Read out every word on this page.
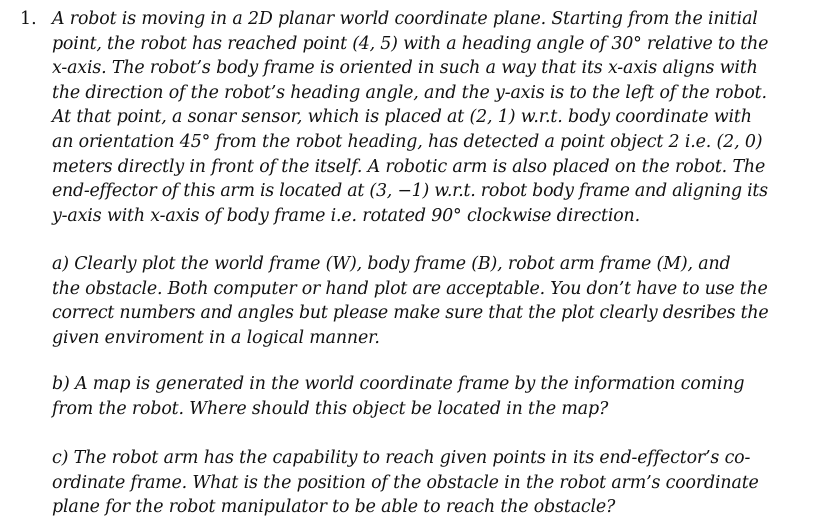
1. A robot is moving in a 2D planar world coordinate plane. Starting from the initial
point, the robot has reached point (4, 5) with a heading angle of 30° relative to the
x-axis. The robot’s body frame is oriented in such a way that its x-axis aligns with
the direction of the robot’s heading angle, and the y-axis is to the left of the robot.
At that point, a sonar sensor, which is placed at (2, 1) w.r.t. body coordinate with
an orientation 45° from the robot heading, has detected a point object 2 i.e. (2, 0)
meters directly in front of the itself. A robotic arm is also placed on the robot. The
end-effector of this arm is located at (3, −1) w.r.t. robot body frame and aligning its
y-axis with x-axis of body frame i.e. rotated 90° clockwise direction.
a) Clearly plot the world frame (W), body frame (B), robot arm frame (M), and
the obstacle. Both computer or hand plot are acceptable. You don’t have to use the
correct numbers and angles but please make sure that the plot clearly desribes the
given enviroment in a logical manner.
b) A map is generated in the world coordinate frame by the information coming
from the robot. Where should this object be located in the map?
c) The robot arm has the capability to reach given points in its end-effector’s co-
ordinate frame. What is the position of the obstacle in the robot arm’s coordinate
plane for the robot manipulator to be able to reach the obstacle?
